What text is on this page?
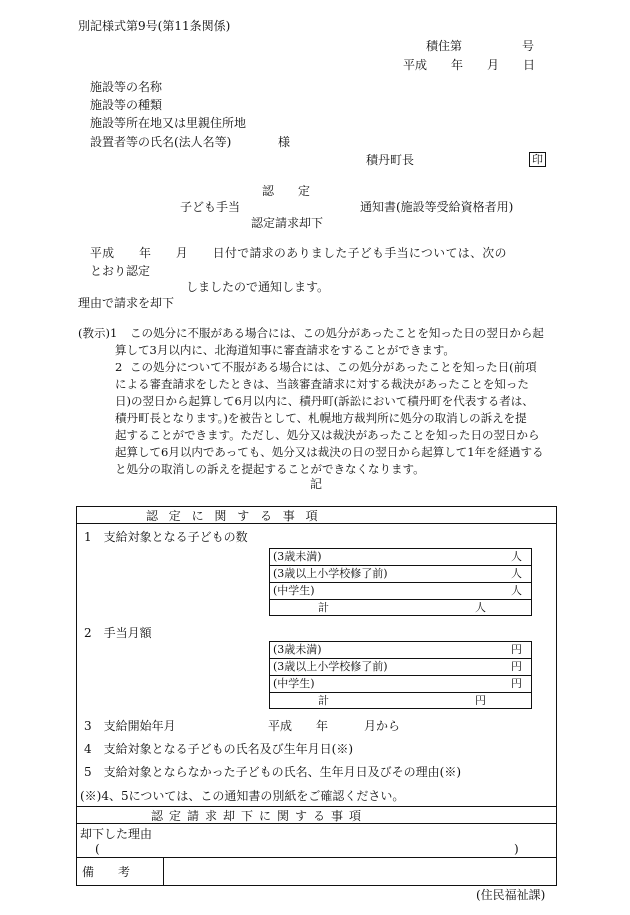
別記様式第9号(第11条関係)
積住第　　　　　号
平成　　年　　月　　日
施設等の名称
施設等の種類
施設等所在地又は里親住所地
設置者等の氏名(法人名等)	様
積丹町長	印
認　　定
子ども手当	通知書(施設等受給資格者用)
認定請求却下
平成　　年　　月　　日付で請求のありました子ども手当については、次の
とおり認定
しましたので通知します。
理由で請求を却下
(教示)1 この処分に不服がある場合には、この処分があったことを知った日の翌日から起
算して3月以内に、北海道知事に審査請求をすることができます。
2 この処分について不服がある場合には、この処分があったことを知った日(前項
による審査請求をしたときは、当該審査請求に対する裁決があったことを知った
日)の翌日から起算して6月以内に、積丹町(訴訟において積丹町を代表する者は、
積丹町長となります。)を被告として、札幌地方裁判所に処分の取消しの訴えを提
起することができます。ただし、処分又は裁決があったことを知った日の翌日から
起算して6月以内であっても、処分又は裁決の日の翌日から起算して1年を経過する
と処分の取消しの訴えを提起することができなくなります。
記
認定に関する事項
1　支給対象となる子どもの数
(3歳未満)	人
(3歳以上小学校修了前)	人
(中学生)	人
計	人
2　手当月額
(3歳未満)	円
(3歳以上小学校修了前)	円
(中学生)	円
計	円
3　支給開始年月	平成　　年　　　月から
4　支給対象となる子どもの氏名及び生年月日(※)
5　支給対象とならなかった子どもの氏名、生年月日及びその理由(※)
(※)4、5については、この通知書の別紙をご確認ください。
認定請求却下に関する事項
却下した理由
(	)
備　　考
(住民福祉課)
